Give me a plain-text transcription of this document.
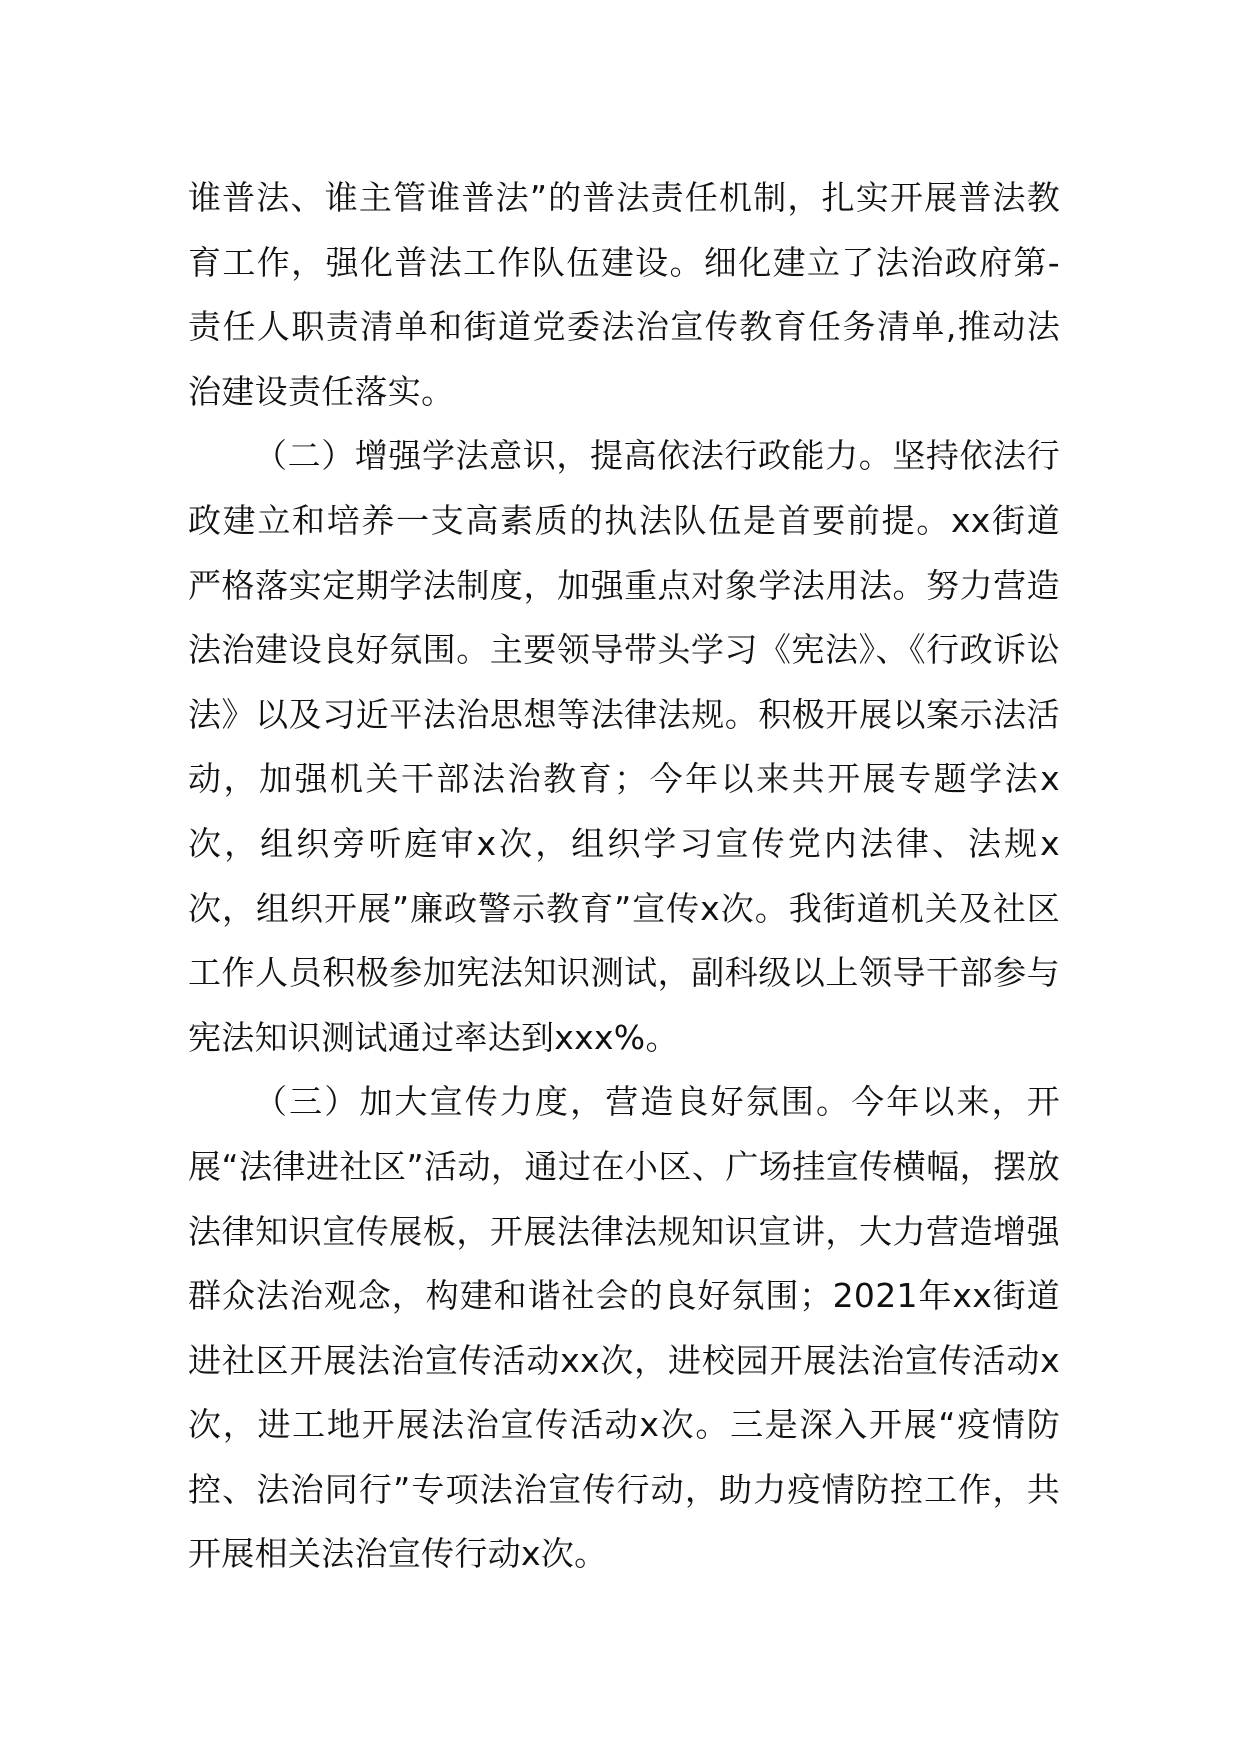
谁普法、谁主管谁普法”的普法责任机制，扎实开展普法教育工作，强化普法工作队伍建设。细化建立了法治政府第-责任人职责清单和街道党委法治宣传教育任务清单,推动法治建设责任落实。

（二）增强学法意识，提高依法行政能力。坚持依法行政建立和培养一支高素质的执法队伍是首要前提。xx街道严格落实定期学法制度，加强重点对象学法用法。努力营造法治建设良好氛围。主要领导带头学习《宪法》、《行政诉讼法》以及习近平法治思想等法律法规。积极开展以案示法活动，加强机关干部法治教育；今年以来共开展专题学法x次，组织旁听庭审x次，组织学习宣传党内法律、法规x次，组织开展”廉政警示教育”宣传x次。我街道机关及社区工作人员积极参加宪法知识测试，副科级以上领导干部参与宪法知识测试通过率达到xxx%。

（三）加大宣传力度，营造良好氛围。今年以来，开展“法律进社区”活动，通过在小区、广场挂宣传横幅，摆放法律知识宣传展板，开展法律法规知识宣讲，大力营造增强群众法治观念，构建和谐社会的良好氛围；2021年xx街道进社区开展法治宣传活动xx次，进校园开展法治宣传活动x次，进工地开展法治宣传活动x次。三是深入开展“疫情防控、法治同行”专项法治宣传行动，助力疫情防控工作，共开展相关法治宣传行动x次。
